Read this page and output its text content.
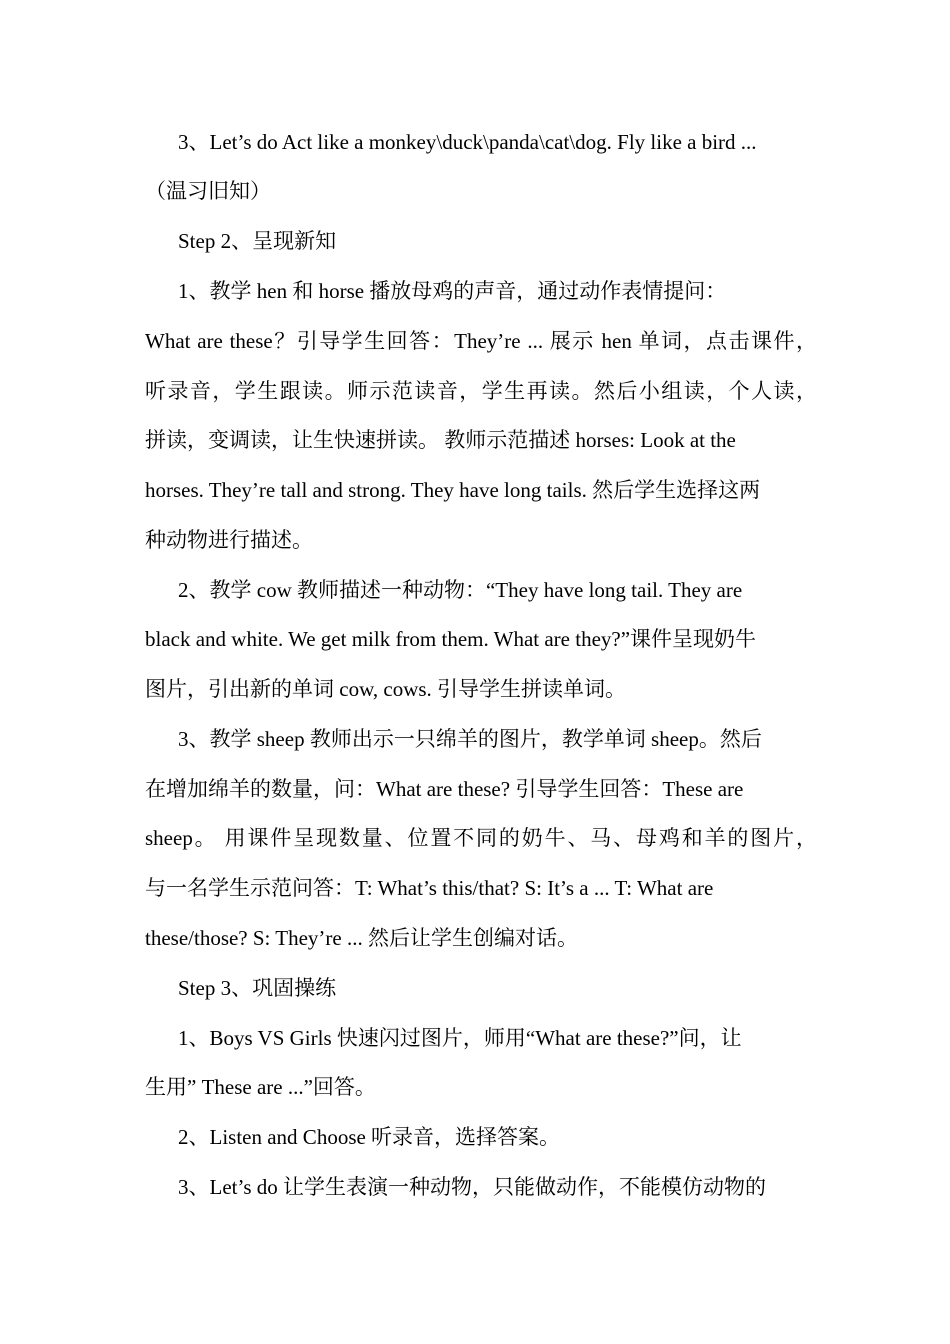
3、Let’s do Act like a monkey\duck\panda\cat\dog. Fly like a bird ...
（温习旧知）
Step 2、呈现新知
1、教学 hen 和 horse 播放母鸡的声音，通过动作表情提问：
What are these？引导学生回答：They’re ... 展示 hen 单词，点击课件，
听录音，学生跟读。师示范读音，学生再读。然后小组读，个人读，
拼读，变调读，让生快速拼读。 教师示范描述 horses: Look at the
horses. They’re tall and strong. They have long tails. 然后学生选择这两
种动物进行描述。
2、教学 cow 教师描述一种动物：“They have long tail. They are
black and white. We get milk from them. What are they?”课件呈现奶牛
图片，引出新的单词 cow, cows. 引导学生拼读单词。
3、教学 sheep 教师出示一只绵羊的图片，教学单词 sheep。然后
在增加绵羊的数量，问：What are these? 引导学生回答：These are
sheep。 用课件呈现数量、位置不同的奶牛、马、母鸡和羊的图片，
与一名学生示范问答：T: What’s this/that? S: It’s a ... T: What are
these/those? S: They’re ... 然后让学生创编对话。
Step 3、巩固操练
1、Boys VS Girls 快速闪过图片，师用“What are these?”问，让
生用” These are ...”回答。
2、Listen and Choose 听录音，选择答案。
3、Let’s do 让学生表演一种动物，只能做动作，不能模仿动物的
